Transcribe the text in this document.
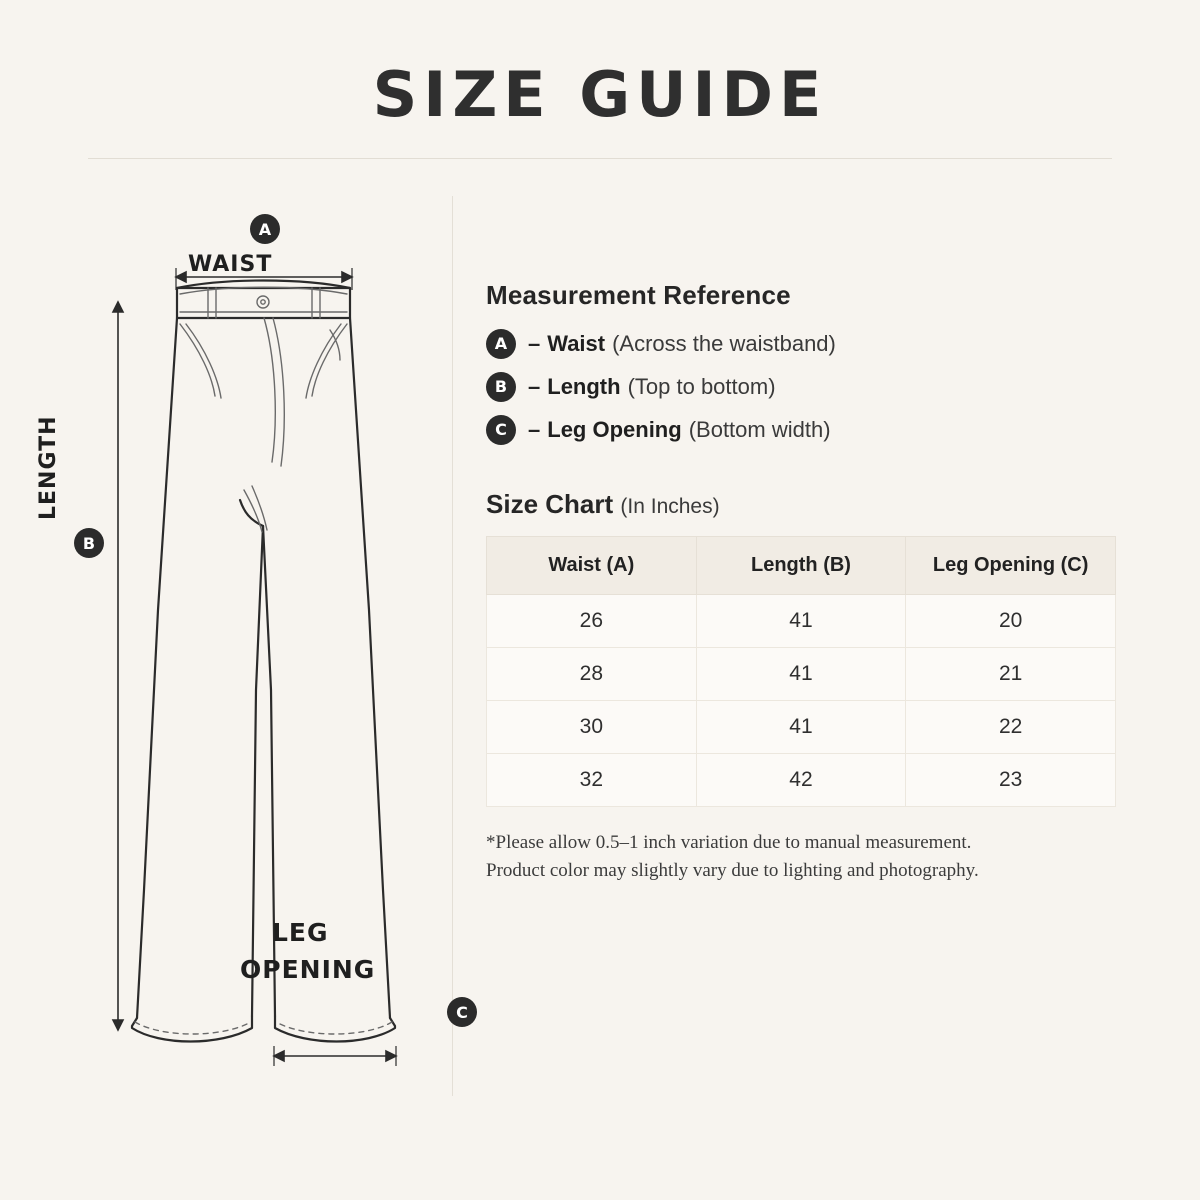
SIZE GUIDE
WAIST
LENGTH
LEG
OPENING
A
B
C
Measurement Reference
A – Waist (Across the waistband)
B – Length (Top to bottom)
C – Leg Opening (Bottom width)
Size Chart (In Inches)
Waist (A)	Length (B)	Leg Opening (C)
26	41	20
28	41	21
30	41	22
32	42	23
*Please allow 0.5–1 inch variation due to manual measurement.
Product color may slightly vary due to lighting and photography.
